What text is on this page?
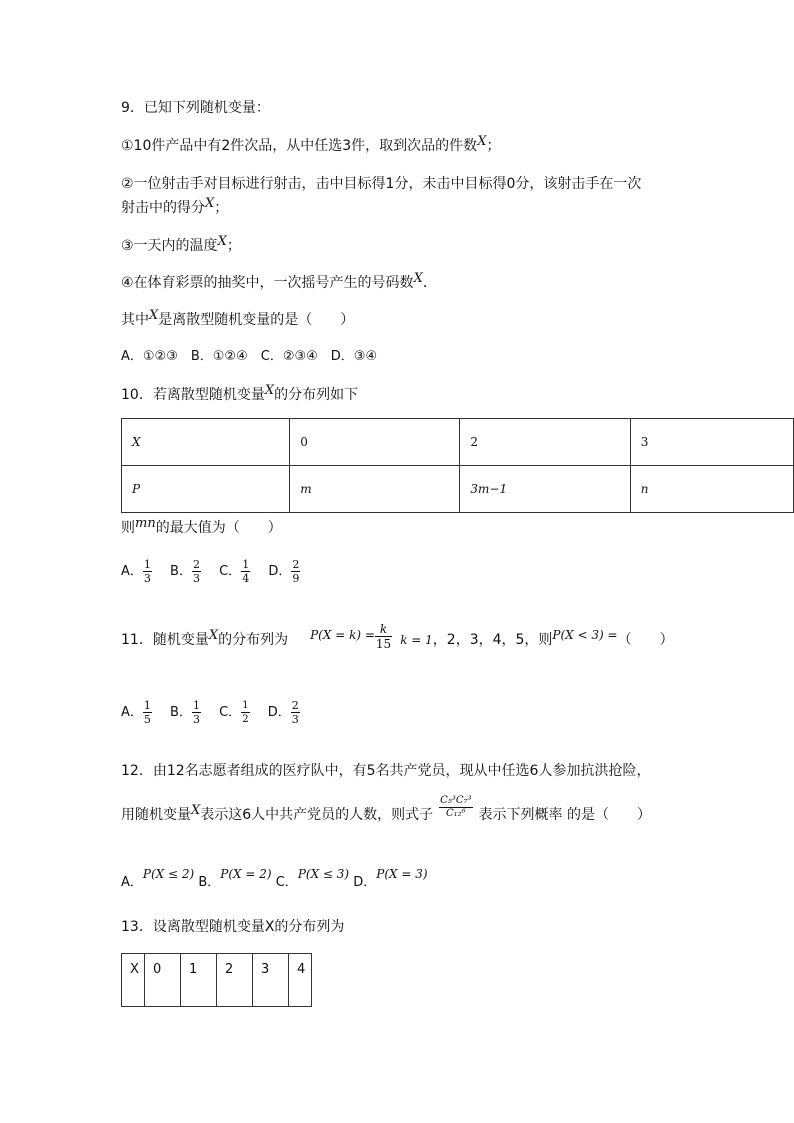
9．已知下列随机变量：
①10件产品中有2件次品，从中任选3件，取到次品的件数X；
②一位射击手对目标进行射击，击中目标得1分，未击中目标得0分，该射击手在一次
射击中的得分X；
③一天内的温度X；
④在体育彩票的抽奖中，一次摇号产生的号码数X．
其中X是离散型随机变量的是（　　）
A．①②③　B．①②④　C．②③④　D．③④
10．若离散型随机变量X的分布列如下
X	0	2	3
P	m	3m−1	n
则mn的最大值为（　　）
A． $\frac{1}{3}$ B． $\frac{2}{3}$ C． $\frac{1}{4}$ D． $\frac{2}{9}$
11．随机变量X的分布列为 $P(X = k) = \frac{k}{15}$ k = 1，2，3，4，5，则P(X < 3) =（　　）
A． $\frac{1}{5}$ B． $\frac{1}{3}$ C． $\frac{1}{2}$ D． $\frac{2}{3}$
12．由12名志愿者组成的医疗队中，有5名共产党员，现从中任选6人参加抗洪抢险，
用随机变量X表示这6人中共产党员的人数，则式子 $\frac{\text{C₅³C₇³}}{\text{C₁₂⁶}}$ 表示下列概率 的是（　　）
A．P(X ≤ 2) B．P(X = 2) C．P(X ≤ 3) D．P(X = 3)
13．设离散型随机变量X的分布列为
X	0	1	2	3	4
